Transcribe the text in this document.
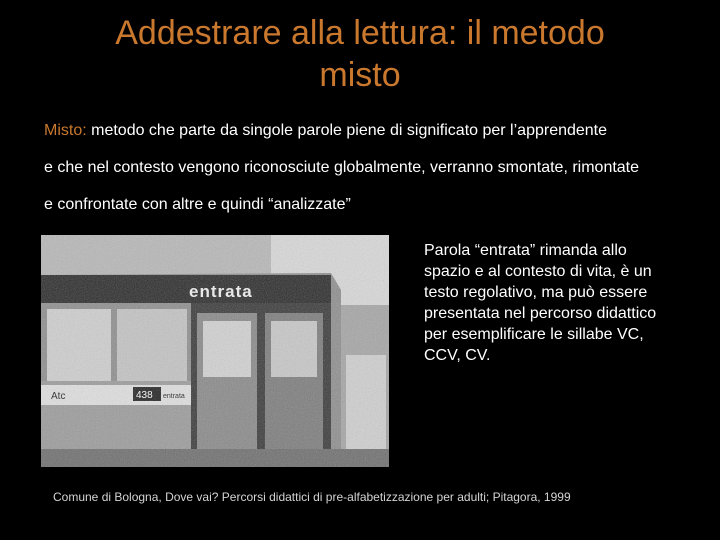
Addestrare alla lettura: il metodo
misto
Misto: metodo che parte da singole parole piene di significato per l’apprendente
e che nel contesto vengono riconosciute globalmente, verranno smontate, rimontate
e confrontate con altre e quindi “analizzate”
Parola “entrata” rimanda allo spazio e al contesto di vita, è un testo regolativo, ma può essere presentata nel percorso didattico per esemplificare le sillabe VC, CCV, CV.
Comune di Bologna, Dove vai? Percorsi didattici di pre-alfabetizzazione per adulti; Pitagora, 1999
